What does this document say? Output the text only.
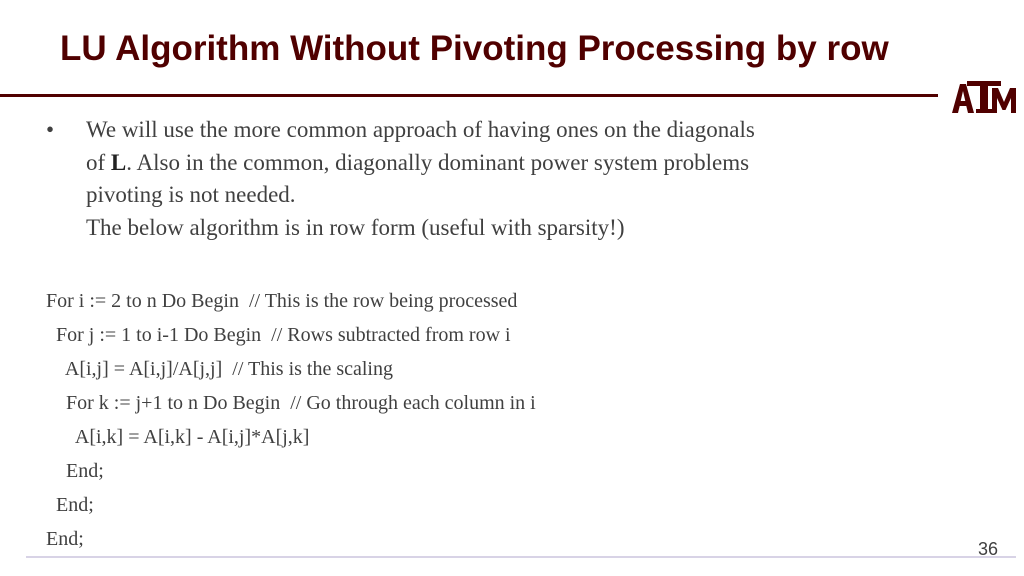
LU Algorithm Without Pivoting Processing by row
• We will use the more common approach of having ones on the diagonals
of L. Also in the common, diagonally dominant power system problems
pivoting is not needed.
The below algorithm is in row form (useful with sparsity!)
For i := 2 to n Do Begin  // This is the row being processed
For j := 1 to i-1 Do Begin  // Rows subtracted from row i
A[i,j] = A[i,j]/A[j,j]  // This is the scaling
For k := j+1 to n Do Begin  // Go through each column in i
A[i,k] = A[i,k] - A[i,j]*A[j,k]
End;
End;
End;	36
